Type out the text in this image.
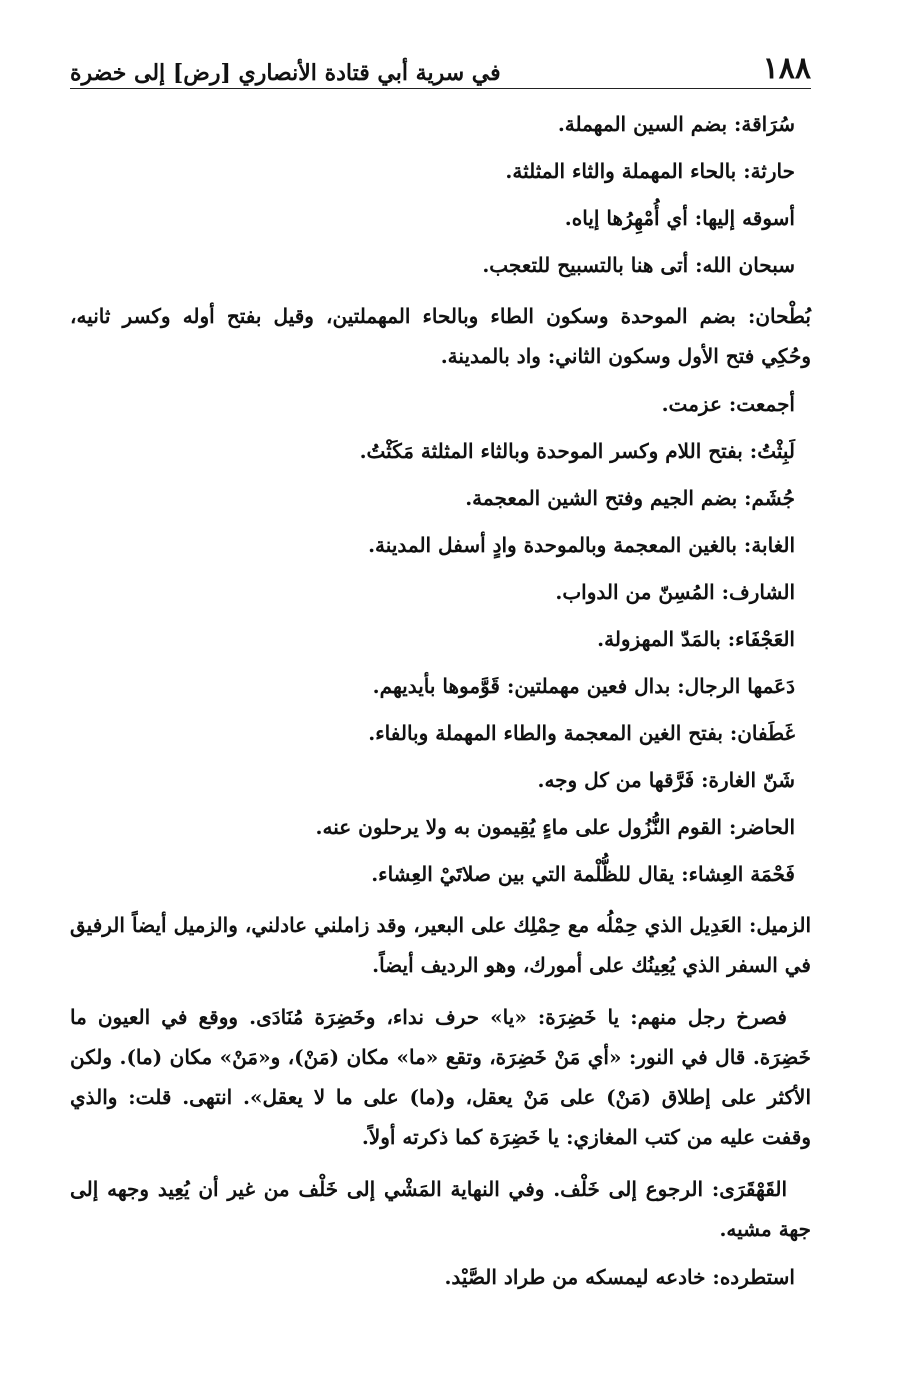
١٨٨
في سرية أبي قتادة الأنصاري [رض] إلى خضرة

سُرَاقة: بضم السين المهملة.

حارثة: بالحاء المهملة والثاء المثلثة.

أسوقه إليها: أي أُمْهِرُها إياه.

سبحان الله: أتى هنا بالتسبيح للتعجب.

بُطْحان: بضم الموحدة وسكون الطاء وبالحاء المهملتين، وقيل بفتح أوله وكسر ثانيه، وحُكِي فتح الأول وسكون الثاني: واد بالمدينة.

أجمعت: عزمت.

لَبِثْتُ: بفتح اللام وكسر الموحدة وبالثاء المثلثة مَكَثْتُ.

جُشَم: بضم الجيم وفتح الشين المعجمة.

الغابة: بالغين المعجمة وبالموحدة وادٍ أسفل المدينة.

الشارف: المُسِنّ من الدواب.

العَجْفَاء: بالمَدّ المهزولة.

دَعَمها الرجال: بدال فعين مهملتين: قَوَّموها بأيديهم.

غَطَفان: بفتح الغين المعجمة والطاء المهملة وبالفاء.

شَنّ الغارة: فَرَّقها من كل وجه.

الحاضر: القوم النُّزُول على ماءٍ يُقِيمون به ولا يرحلون عنه.

فَحْمَة العِشاء: يقال للظُّلْمة التي بين صلاتَيْ العِشاء.

الزميل: العَدِيل الذي حِمْلُه مع حِمْلِك على البعير، وقد زاملني عادلني، والزميل أيضاً الرفيق في السفر الذي يُعِينُك على أمورك، وهو الرديف أيضاً.

فصرخ رجل منهم: يا خَضِرَة: «يا» حرف نداء، وخَضِرَة مُنَادَى. ووقع في العيون ما خَضِرَة. قال في النور: «أي مَنْ خَضِرَة، وتقع «ما» مكان (مَنْ)، و«مَنْ» مكان (ما). ولكن الأكثر على إطلاق (مَنْ) على مَنْ يعقل، و(ما) على ما لا يعقل». انتهى. قلت: والذي وقفت عليه من كتب المغازي: يا خَضِرَة كما ذكرته أولاً.

القَهْقَرَى: الرجوع إلى خَلْف. وفي النهاية المَشْي إلى خَلْف من غير أن يُعِيد وجهه إلى جهة مشيه.

استطرده: خادعه ليمسكه من طراد الصَّيْد.
